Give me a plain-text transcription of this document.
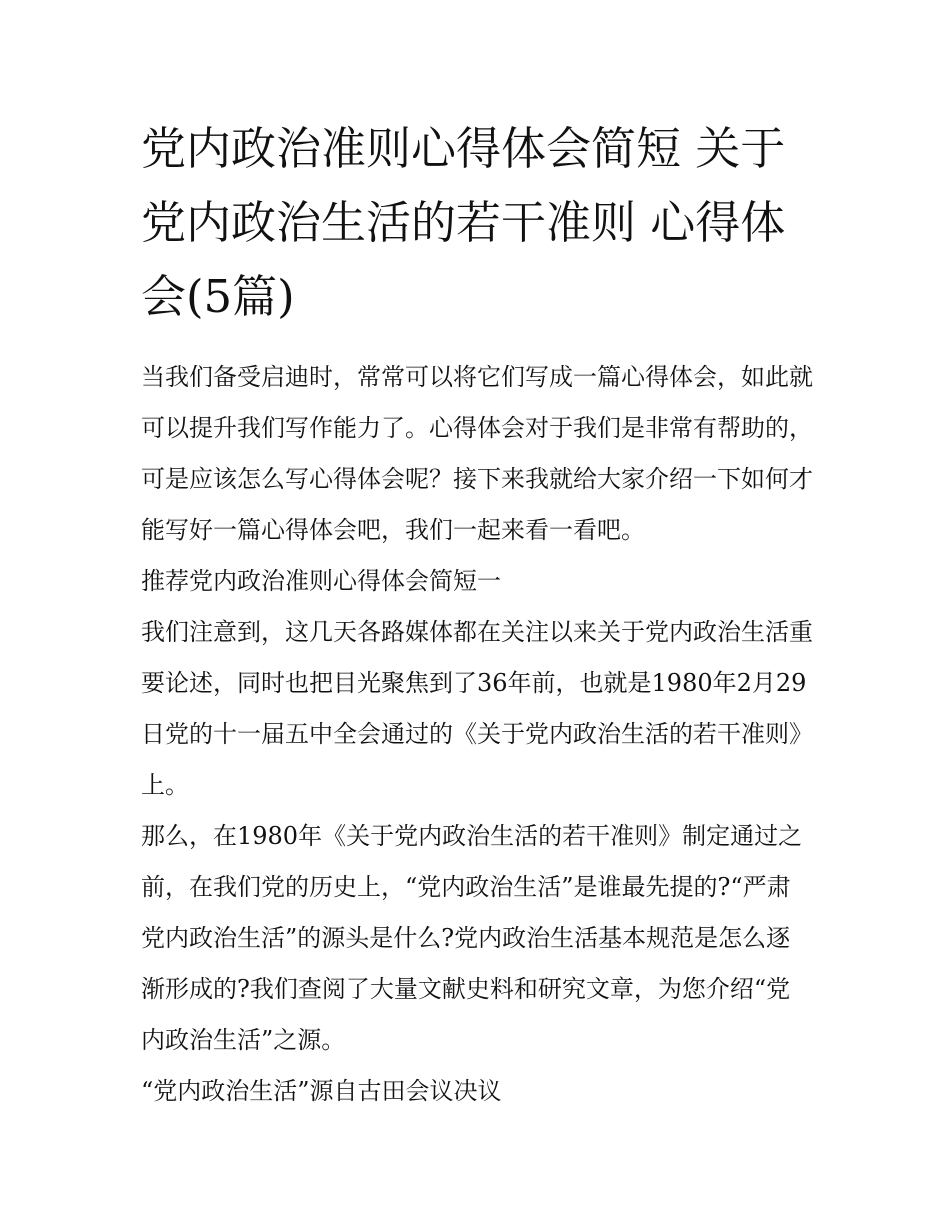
党内政治准则心得体会简短 关于党内政治生活的若干准则 心得体会(5篇)

当我们备受启迪时，常常可以将它们写成一篇心得体会，如此就可以提升我们写作能力了。心得体会对于我们是非常有帮助的，可是应该怎么写心得体会呢？接下来我就给大家介绍一下如何才能写好一篇心得体会吧，我们一起来看一看吧。

推荐党内政治准则心得体会简短一

我们注意到，这几天各路媒体都在关注以来关于党内政治生活重要论述，同时也把目光聚焦到了36年前，也就是1980年2月29日党的十一届五中全会通过的《关于党内政治生活的若干准则》上。

那么，在1980年《关于党内政治生活的若干准则》制定通过之前，在我们党的历史上，“党内政治生活”是谁最先提的?“严肃党内政治生活”的源头是什么?党内政治生活基本规范是怎么逐渐形成的?我们查阅了大量文献史料和研究文章，为您介绍“党内政治生活”之源。

“党内政治生活”源自古田会议决议
